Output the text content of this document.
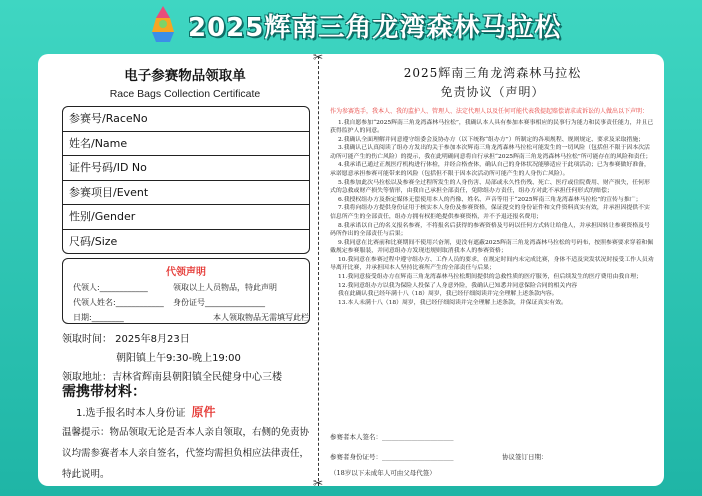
2025辉南三角龙湾森林马拉松
✂
✂
电子参赛物品领取单
Race Bags Collection Certificate
参赛号/RaceNo
姓名/Name
证件号码/ID No
参赛项目/Event
性别/Gender
尺码/Size
代领声明
代领人:____________	领取以上人员物品，特此声明
代领人姓名:____________	身份证号_______________
日期:________	本人领取物品无需填写此栏
领取时间： 2025年8月23日
朝阳镇上午9:30-晚上19:00
领取地址：吉林省辉南县朝阳镇全民健身中心三楼
需携带材料：
1.选手报名时本人身份证 原件
温馨提示：物品领取无论是否本人亲自领取，右侧的免责协议均需参赛者本人亲自签名，代签均需担负相应法律责任，特此说明。
2025辉南三角龙湾森林马拉松
免责协议（声明）
作为参赛选手，我本人、我的监护人、管理人、法定代理人以及任何可能代表我提起赔偿请求或诉讼的人做出以下声明：

1.我自愿参加“2025辉南三角龙湾森林马拉松”，我确认本人具有参加本赛事相应的民事行为能力和民事责任能力，并且已获得监护人的同意。

2.我确认全面理解并同意遵守组委会及协办方（以下统称“组办方”）所制定的各项规程、规则规定、要求及采取措施；

3.我确认已认真阅读了组办方发出的关于参加本次辉南三角龙湾森林马拉松可能发生的一切风险（包括但不限于因本次活动所可能产生的伤亡风险）的提示，我在此明确同意将自行承担“2025辉南三角龙湾森林马拉松”所可能存在的风险和责任；

4.我承诺已通过正规医疗机构进行体检，并经合格查体，确认自己的身体状况能够适应于此项活动；已为参赛做好准备，承诺愿意承担参赛可能带来的风险（包括但不限于因本次活动所可能产生的人身伤亡风险）。

5.我参加此次马拉松以及参赛全过程所发生的人身伤害、局部或永久性伤残、死亡、医疗或住院费用、财产损失，任何形式的急救或财产损失等情形，由我自己承担全部责任，免除组办方责任，组办方对此不承担任何形式的赔偿；

6.我授权组办方及指定媒体无偿使用本人的肖像、姓名、声音等用于“2025辉南三角龙湾森林马拉松”的宣传与推广；

7.我将向组办方提供身份证用于核实本人身份及参赛资格，保证提交的身份证件和文件资料真实有效，并承担因提供不实信息所产生的全部责任，组办方拥有权拒绝提供参赛资格，并不予退还报名费用；

8.我承诺以自己的名义报名参赛，不将报名后获得的参赛资格及号码以任何方式转让给他人，并承担因转让参赛资格及号码所作出的全部责任与后果；

9.我同意在比赛前和比赛期间不使用兴奋剂，更没有遮蔽2025辉南三角龙湾森林马拉松的号码布，按照参赛要求穿着和佩戴规定参赛服装，并同意组办方发现违规则取消我本人的参赛资格；

10.我同意在参赛过程中遵守组办方、工作人员的要求，在规定时间内未完成比赛，身体不适及突发状况时接受工作人员劝导离开比赛，并承担因本人坚持比赛所产生的全部责任与后果；

11.我同意接受组办方在辉南三角龙湾森林马拉松期间提供的急救性质的医疗服务，但后续发生的医疗费用由我自理；

12.我同意组办方以我为保险人投保了人身意外险，我确认已知悉并同意保险合同的相关内容

我在此确认我已经年满十八（18）周岁，我已经仔细阅读并完全理解上述条款内容。

13.本人未满十八（18）周岁，我已经仔细阅读并完全理解上述条款，并保证真实有效。

参赛者本人签名：______________________
参赛者身份证号：______________________	协议签订日期：
（18岁以下未成年人可由父母代签）
